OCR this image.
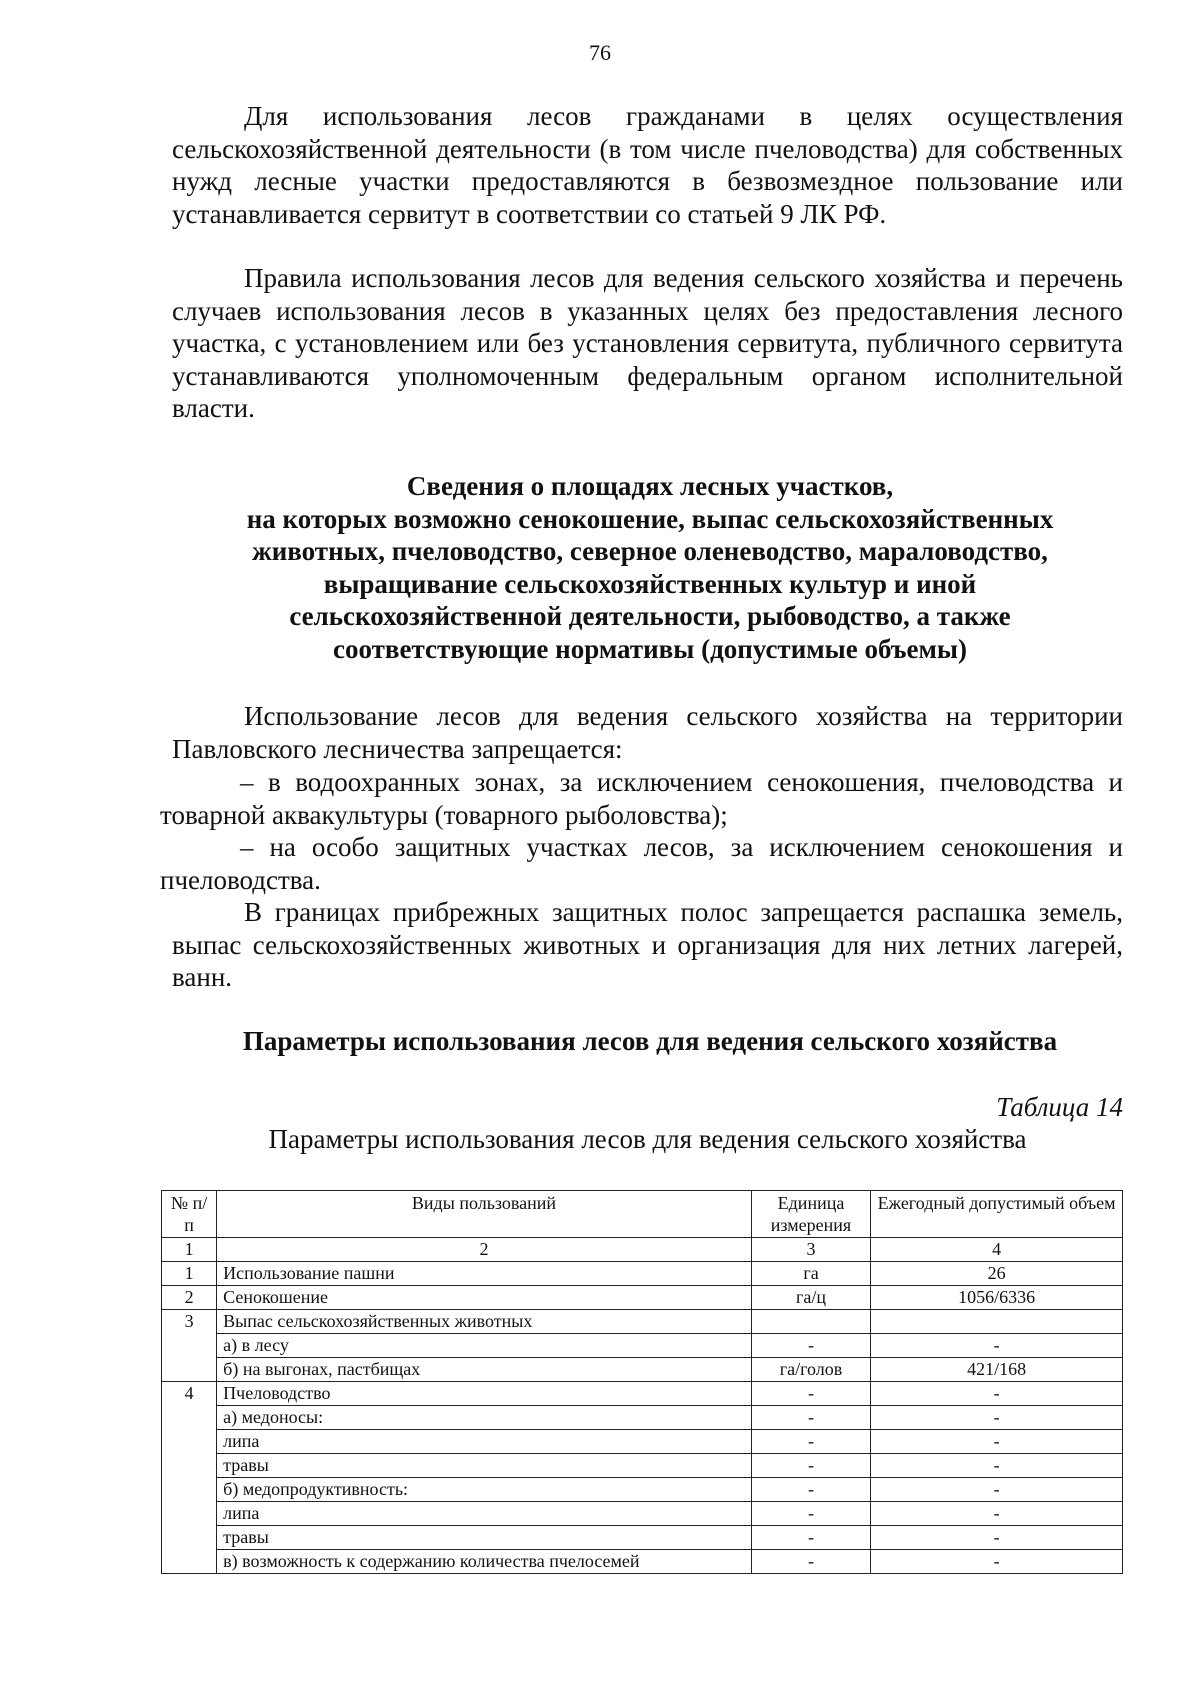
76

Для использования лесов гражданами в целях осуществления сельскохозяйственной деятельности (в том числе пчеловодства) для собственных нужд лесные участки предоставляются в безвозмездное пользование или устанавливается сервитут в соответствии со статьей 9 ЛК РФ.

Правила использования лесов для ведения сельского хозяйства и перечень случаев использования лесов в указанных целях без предоставления лесного участка, с установлением или без установления сервитута, публичного сервитута устанавливаются уполномоченным федеральным органом исполнительной власти.

Сведения о площадях лесных участков,
на которых возможно сенокошение, выпас сельскохозяйственных
животных, пчеловодство, северное оленеводство, мараловодство,
выращивание сельскохозяйственных культур и иной
сельскохозяйственной деятельности, рыбоводство, а также
соответствующие нормативы (допустимые объемы)

Использование лесов для ведения сельского хозяйства на территории Павловского лесничества запрещается:

– в водоохранных зонах, за исключением сенокошения, пчеловодства и товарной аквакультуры (товарного рыболовства);

– на особо защитных участках лесов, за исключением сенокошения и пчеловодства.

В границах прибрежных защитных полос запрещается распашка земель, выпас сельскохозяйственных животных и организация для них летних лагерей, ванн.

Параметры использования лесов для ведения сельского хозяйства
Таблица 14
Параметры использования лесов для ведения сельского хозяйства
№ п/п	Виды пользований	Единица измерения	Ежегодный допустимый объем
1	2	3	4
1	Использование пашни	га	26
2	Сенокошение	га/ц	1056/6336
3	Выпас сельскохозяйственных животных		
	а) в лесу	-	-
	б) на выгонах, пастбищах	га/голов	421/168
4	Пчеловодство	-	-
	а) медоносы:	-	-
	липа	-	-
	травы	-	-
	б) медопродуктивность:	-	-
	липа	-	-
	травы	-	-
	в) возможность к содержанию количества пчелосемей	-	-
